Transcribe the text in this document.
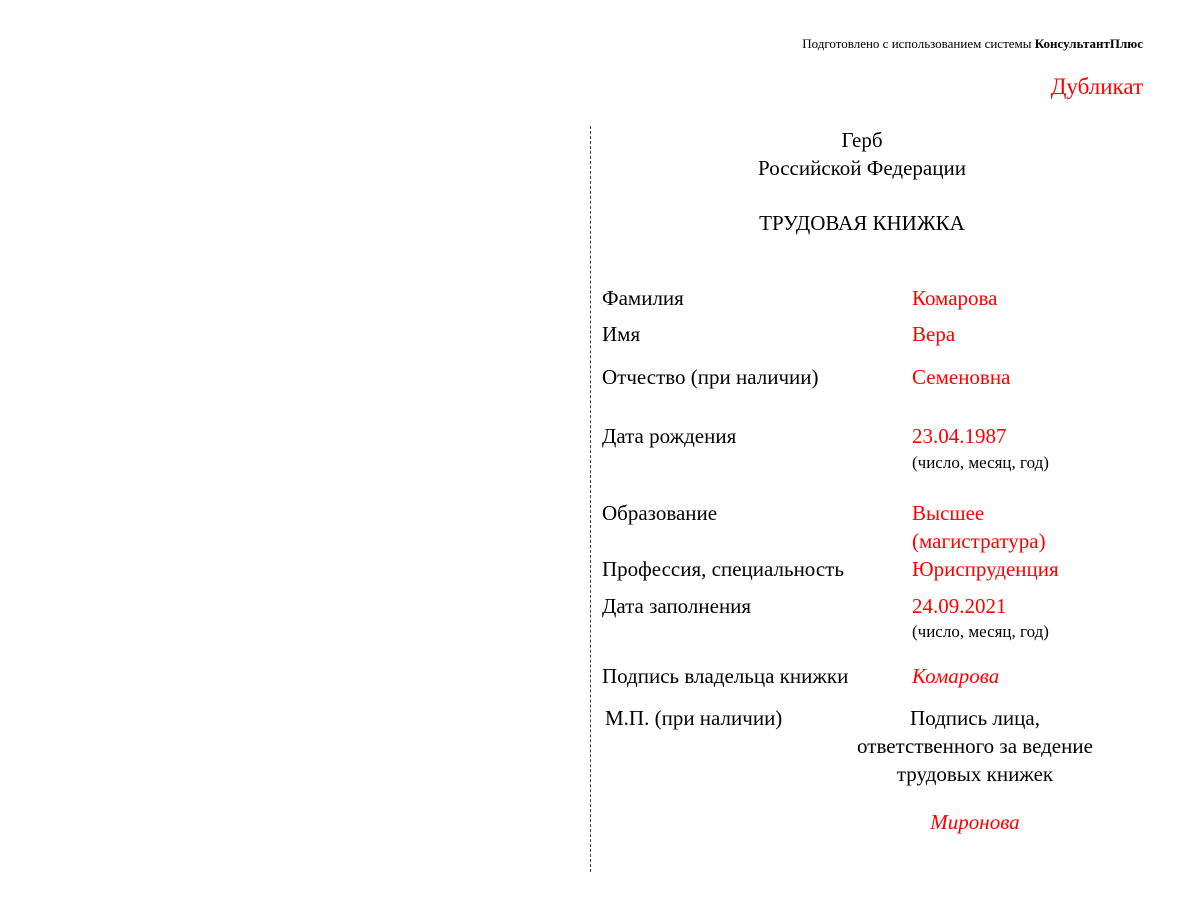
Подготовлено с использованием системы КонсультантПлюс
Дубликат
Герб
Российской Федерации
ТРУДОВАЯ КНИЖКА
Фамилия	Комарова
Имя	Вера
Отчество (при наличии)	Семеновна
Дата рождения	23.04.1987
(число, месяц, год)
Образование	Высшее
(магистратура)
Профессия, специальность	Юриспруденция
Дата заполнения	24.09.2021
(число, месяц, год)
Подпись владельца книжки	Комарова
М.П. (при наличии)	Подпись лица,
ответственного за ведение
трудовых книжек
Миронова
